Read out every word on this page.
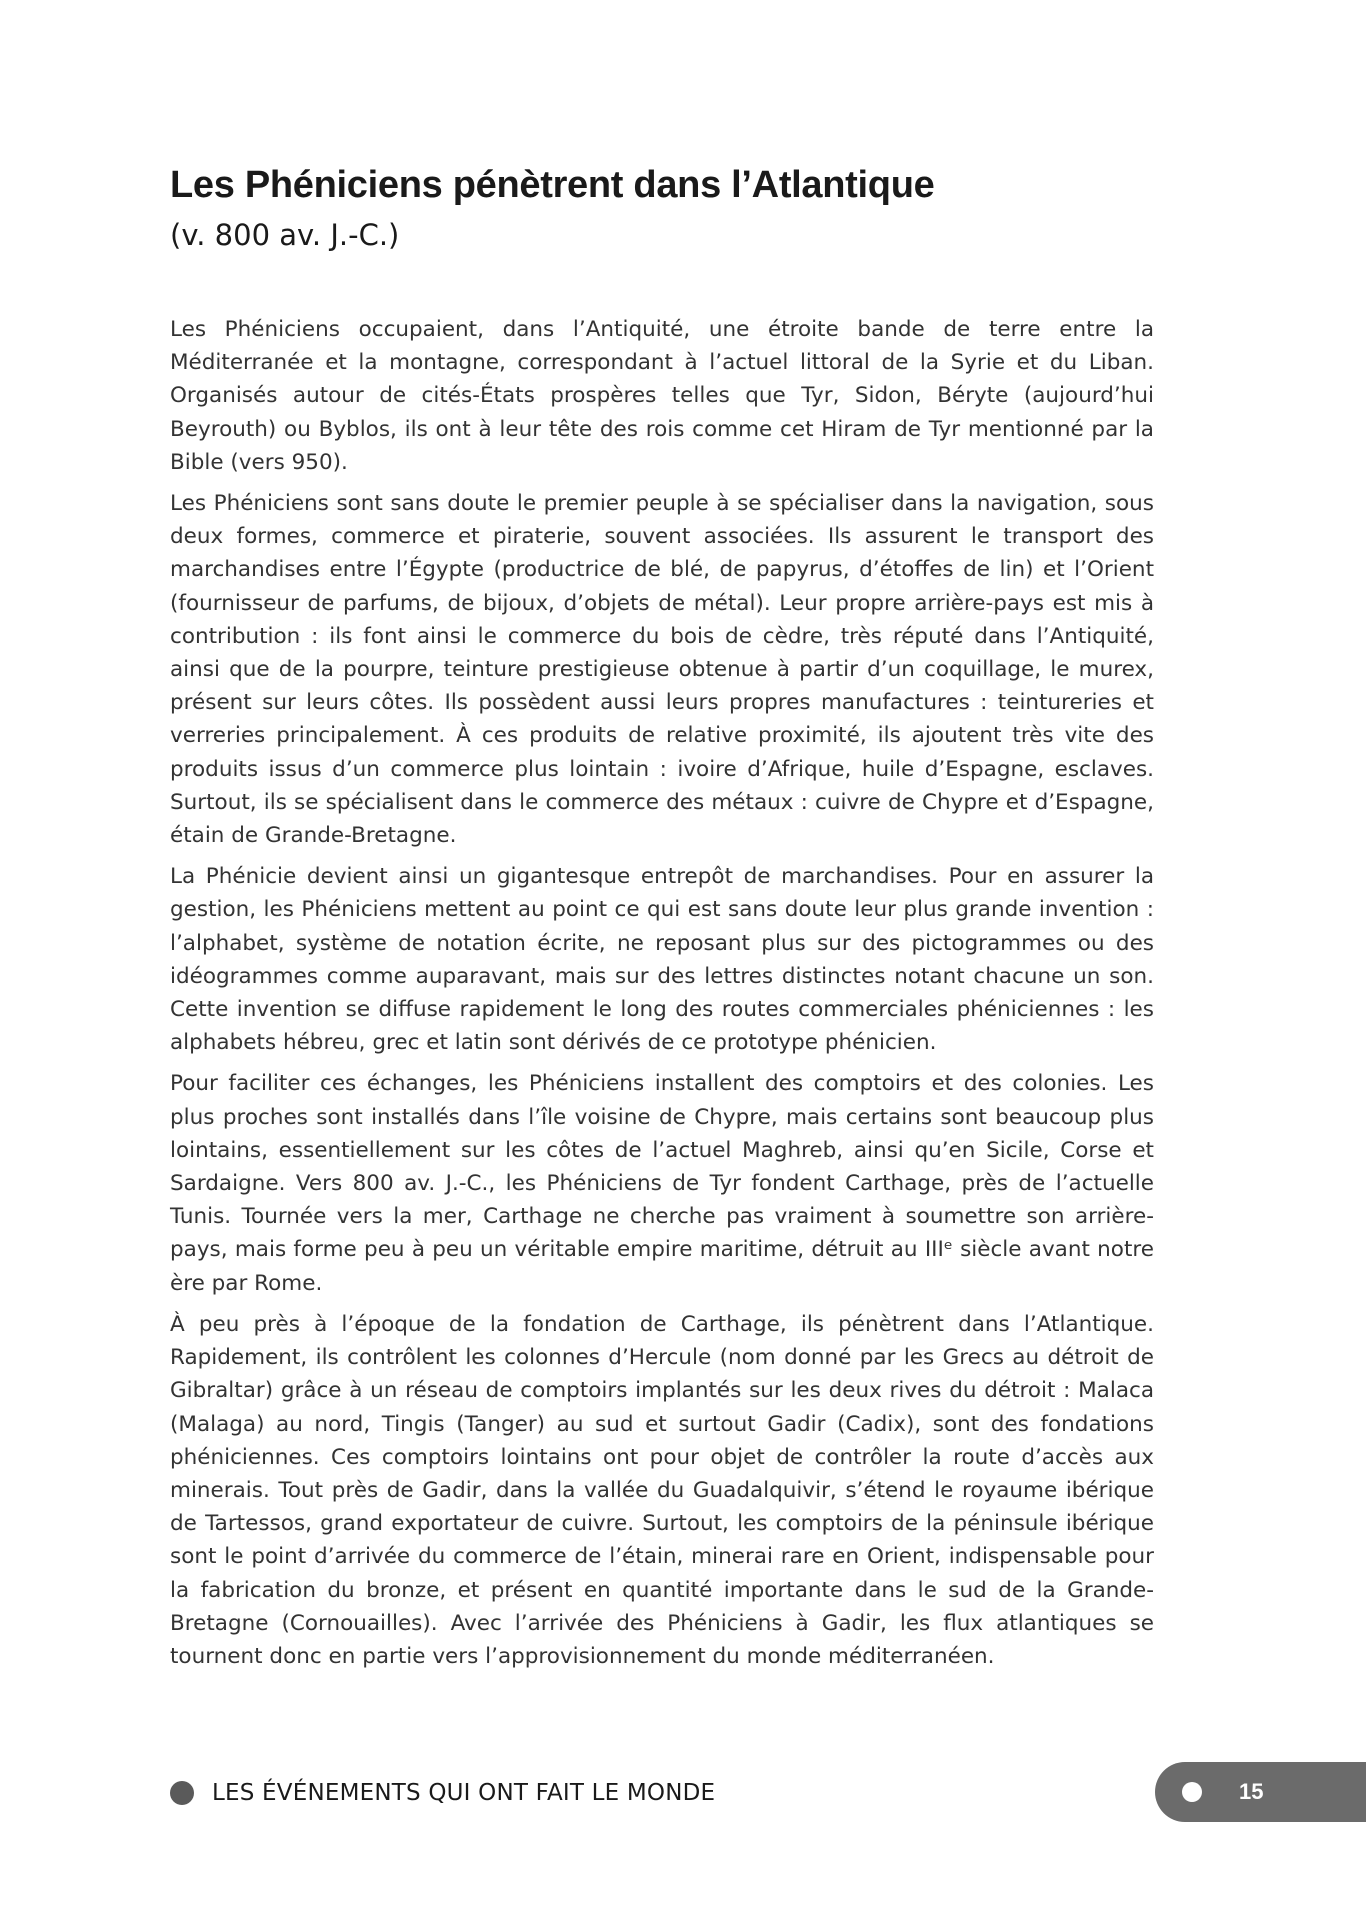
Les Phéniciens pénètrent dans l’Atlantique
(v. 800 av. J.-C.)

Les Phéniciens occupaient, dans l’Antiquité, une étroite bande de terre entre la Méditerranée et la montagne, correspondant à l’actuel littoral de la Syrie et du Liban. Organisés autour de cités-États prospères telles que Tyr, Sidon, Béryte (aujourd’hui Beyrouth) ou Byblos, ils ont à leur tête des rois comme cet Hiram de Tyr mentionné par la Bible (vers 950).

Les Phéniciens sont sans doute le premier peuple à se spécialiser dans la navigation, sous deux formes, commerce et piraterie, souvent associées. Ils assurent le transport des marchandises entre l’Égypte (productrice de blé, de papyrus, d’étoffes de lin) et l’Orient (fournisseur de parfums, de bijoux, d’objets de métal). Leur propre arrière-pays est mis à contribution : ils font ainsi le commerce du bois de cèdre, très réputé dans l’Antiquité, ainsi que de la pourpre, teinture prestigieuse obtenue à partir d’un coquillage, le murex, présent sur leurs côtes. Ils possèdent aussi leurs propres manufactures : teintureries et verreries principalement. À ces produits de relative proximité, ils ajoutent très vite des produits issus d’un commerce plus lointain : ivoire d’Afrique, huile d’Espagne, esclaves. Surtout, ils se spécialisent dans le commerce des métaux : cuivre de Chypre et d’Espagne, étain de Grande-Bretagne.

La Phénicie devient ainsi un gigantesque entrepôt de marchandises. Pour en assurer la gestion, les Phéniciens mettent au point ce qui est sans doute leur plus grande invention : l’alphabet, système de notation écrite, ne reposant plus sur des pictogrammes ou des idéogrammes comme auparavant, mais sur des lettres distinctes notant chacune un son. Cette invention se diffuse rapidement le long des routes commerciales phéniciennes : les alphabets hébreu, grec et latin sont dérivés de ce prototype phénicien.

Pour faciliter ces échanges, les Phéniciens installent des comptoirs et des colonies. Les plus proches sont installés dans l’île voisine de Chypre, mais certains sont beaucoup plus lointains, essentiellement sur les côtes de l’actuel Maghreb, ainsi qu’en Sicile, Corse et Sardaigne. Vers 800 av. J.-C., les Phéniciens de Tyr fondent Carthage, près de l’actuelle Tunis. Tournée vers la mer, Carthage ne cherche pas vraiment à soumettre son arrière-pays, mais forme peu à peu un véritable empire maritime, détruit au IIIᵉ siècle avant notre ère par Rome.

À peu près à l’époque de la fondation de Carthage, ils pénètrent dans l’Atlantique. Rapidement, ils contrôlent les colonnes d’Hercule (nom donné par les Grecs au détroit de Gibraltar) grâce à un réseau de comptoirs implantés sur les deux rives du détroit : Malaca (Malaga) au nord, Tingis (Tanger) au sud et surtout Gadir (Cadix), sont des fondations phéniciennes. Ces comptoirs lointains ont pour objet de contrôler la route d’accès aux minerais. Tout près de Gadir, dans la vallée du Guadalquivir, s’étend le royaume ibérique de Tartessos, grand exportateur de cuivre. Surtout, les comptoirs de la péninsule ibérique sont le point d’arrivée du commerce de l’étain, minerai rare en Orient, indispensable pour la fabrication du bronze, et présent en quantité importante dans le sud de la Grande-Bretagne (Cornouailles). Avec l’arrivée des Phéniciens à Gadir, les flux atlantiques se tournent donc en partie vers l’approvisionnement du monde méditerranéen.

LES ÉVÉNEMENTS QUI ONT FAIT LE MONDE	15
